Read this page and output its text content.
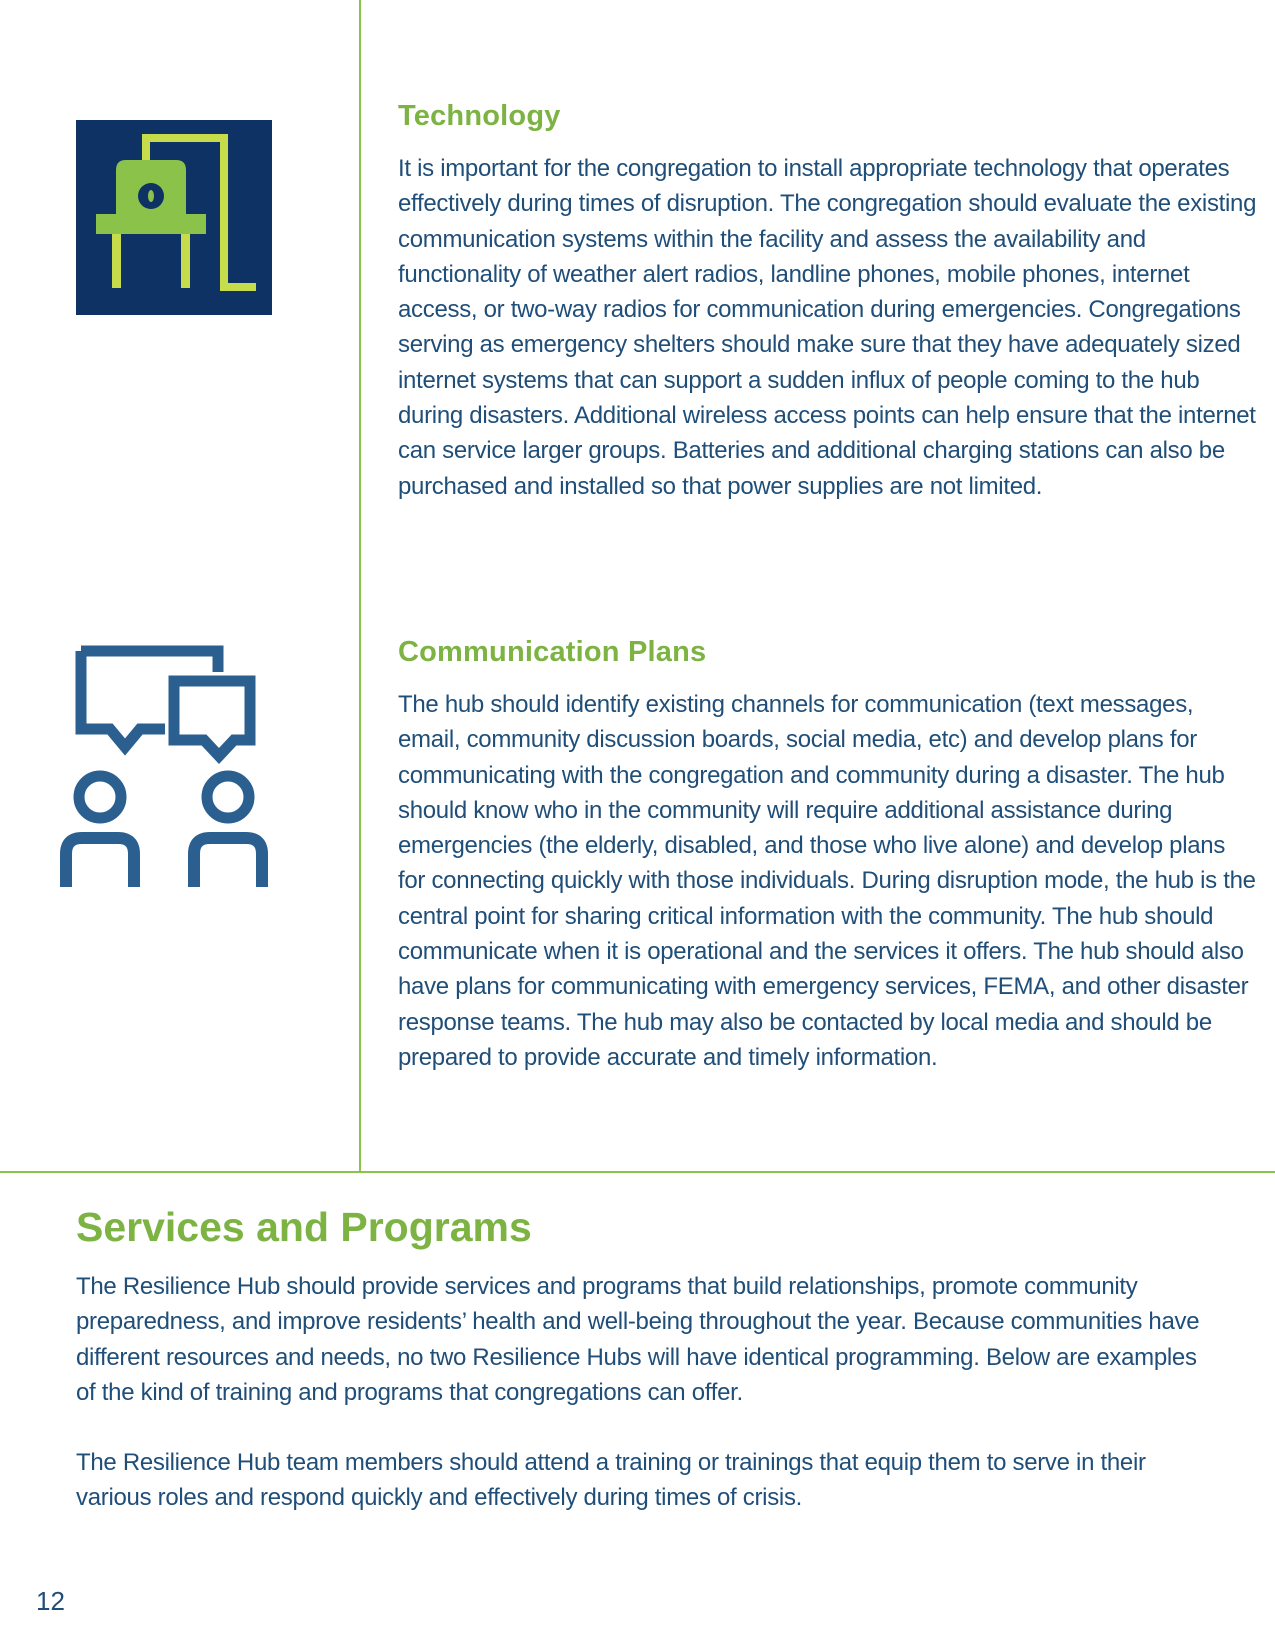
Technology

It is important for the congregation to install appropriate technology that operates effectively during times of disruption. The congregation should evaluate the existing communication systems within the facility and assess the availability and functionality of weather alert radios, landline phones, mobile phones, internet access, or two-way radios for communication during emergencies. Congregations serving as emergency shelters should make sure that they have adequately sized internet systems that can support a sudden influx of people coming to the hub during disasters. Additional wireless access points can help ensure that the internet can service larger groups. Batteries and additional charging stations can also be purchased and installed so that power supplies are not limited.

Communication Plans

The hub should identify existing channels for communication (text messages, email, community discussion boards, social media, etc) and develop plans for communicating with the congregation and community during a disaster. The hub should know who in the community will require additional assistance during emergencies (the elderly, disabled, and those who live alone) and develop plans for connecting quickly with those individuals. During disruption mode, the hub is the central point for sharing critical information with the community. The hub should communicate when it is operational and the services it offers. The hub should also have plans for communicating with emergency services, FEMA, and other disaster response teams. The hub may also be contacted by local media and should be prepared to provide accurate and timely information.

Services and Programs

The Resilience Hub should provide services and programs that build relationships, promote community preparedness, and improve residents’ health and well-being throughout the year. Because communities have different resources and needs, no two Resilience Hubs will have identical programming. Below are examples of the kind of training and programs that congregations can offer.

The Resilience Hub team members should attend a training or trainings that equip them to serve in their various roles and respond quickly and effectively during times of crisis.

12
